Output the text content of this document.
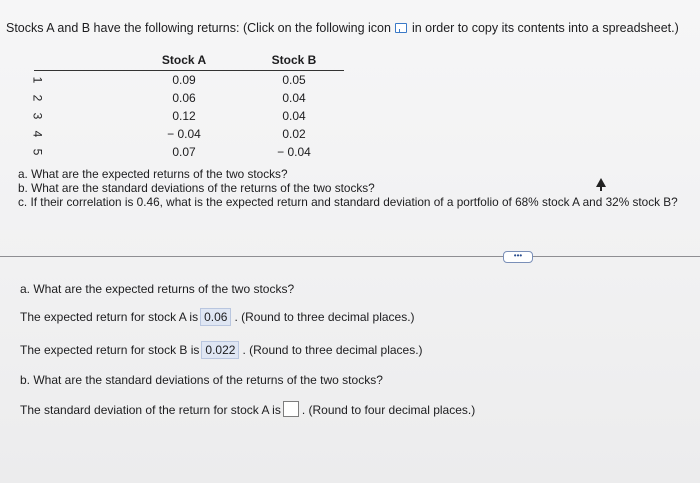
Stocks A and B have the following returns: (Click on the following icon in order to copy its contents into a spreadsheet.)
	Stock A	Stock B
1	0.09	0.05
2	0.06	0.04
3	0.12	0.04
4	− 0.04	0.02
5	0.07	− 0.04
a. What are the expected returns of the two stocks?
b. What are the standard deviations of the returns of the two stocks?
c. If their correlation is 0.46, what is the expected return and standard deviation of a portfolio of 68% stock A and 32% stock B?
•••
a. What are the expected returns of the two stocks?
The expected return for stock A is 0.06 . (Round to three decimal places.)
The expected return for stock B is 0.022 . (Round to three decimal places.)
b. What are the standard deviations of the returns of the two stocks?
The standard deviation of the return for stock A is . (Round to four decimal places.)
